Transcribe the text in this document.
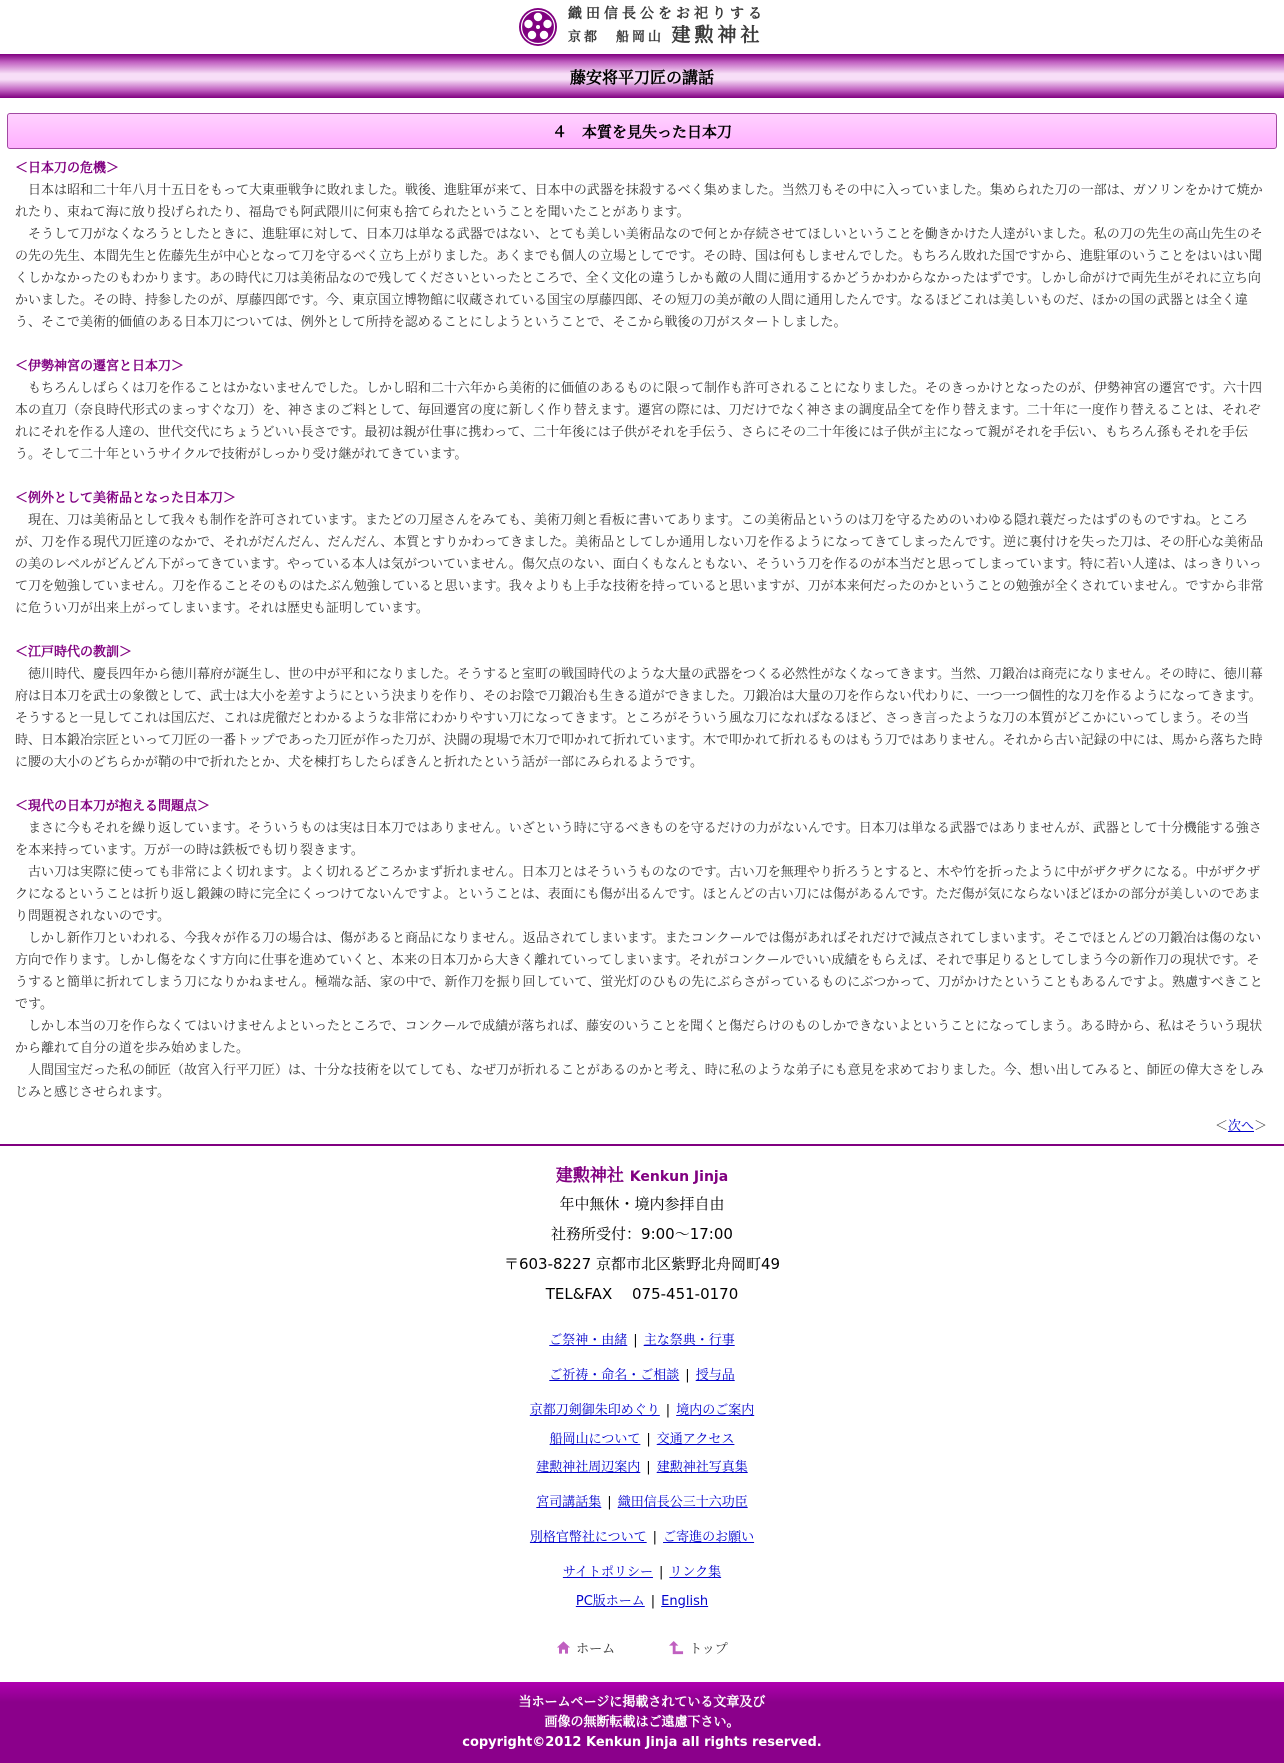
織田信長公をお祀りする
京都　船岡山 建勲神社
藤安将平刀匠の講話
４　本質を見失った日本刀
＜日本刀の危機＞

日本は昭和二十年八月十五日をもって大東亜戦争に敗れました。戦後、進駐軍が来て、日本中の武器を抹殺するべく集めました。当然刀もその中に入っていました。集められた刀の一部は、ガソリンをかけて焼かれたり、束ねて海に放り投げられたり、福島でも阿武隈川に何束も捨てられたということを聞いたことがあります。

そうして刀がなくなろうとしたときに、進駐軍に対して、日本刀は単なる武器ではない、とても美しい美術品なので何とか存続させてほしいということを働きかけた人達がいました。私の刀の先生の高山先生のその先の先生、本間先生と佐藤先生が中心となって刀を守るべく立ち上がりました。あくまでも個人の立場としてです。その時、国は何もしませんでした。もちろん敗れた国ですから、進駐軍のいうことをはいはい聞くしかなかったのもわかります。あの時代に刀は美術品なので残してくださいといったところで、全く文化の違うしかも敵の人間に通用するかどうかわからなかったはずです。しかし命がけで両先生がそれに立ち向かいました。その時、持参したのが、厚藤四郎です。今、東京国立博物館に収蔵されている国宝の厚藤四郎、その短刀の美が敵の人間に通用したんです。なるほどこれは美しいものだ、ほかの国の武器とは全く違う、そこで美術的価値のある日本刀については、例外として所持を認めることにしようということで、そこから戦後の刀がスタートしました。

＜伊勢神宮の遷宮と日本刀＞

もちろんしばらくは刀を作ることはかないませんでした。しかし昭和二十六年から美術的に価値のあるものに限って制作も許可されることになりました。そのきっかけとなったのが、伊勢神宮の遷宮です。六十四本の直刀（奈良時代形式のまっすぐな刀）を、神さまのご料として、毎回遷宮の度に新しく作り替えます。遷宮の際には、刀だけでなく神さまの調度品全てを作り替えます。二十年に一度作り替えることは、それぞれにそれを作る人達の、世代交代にちょうどいい長さです。最初は親が仕事に携わって、二十年後には子供がそれを手伝う、さらにその二十年後には子供が主になって親がそれを手伝い、もちろん孫もそれを手伝う。そして二十年というサイクルで技術がしっかり受け継がれてきています。

＜例外として美術品となった日本刀＞

現在、刀は美術品として我々も制作を許可されています。またどの刀屋さんをみても、美術刀剣と看板に書いてあります。この美術品というのは刀を守るためのいわゆる隠れ蓑だったはずのものですね。ところが、刀を作る現代刀匠達のなかで、それがだんだん、だんだん、本質とすりかわってきました。美術品としてしか通用しない刀を作るようになってきてしまったんです。逆に裏付けを失った刀は、その肝心な美術品の美のレベルがどんどん下がってきています。やっている本人は気がついていません。傷欠点のない、面白くもなんともない、そういう刀を作るのが本当だと思ってしまっています。特に若い人達は、はっきりいって刀を勉強していません。刀を作ることそのものはたぶん勉強していると思います。我々よりも上手な技術を持っていると思いますが、刀が本来何だったのかということの勉強が全くされていません。ですから非常に危うい刀が出来上がってしまいます。それは歴史も証明しています。

＜江戸時代の教訓＞

徳川時代、慶長四年から徳川幕府が誕生し、世の中が平和になりました。そうすると室町の戦国時代のような大量の武器をつくる必然性がなくなってきます。当然、刀鍛冶は商売になりません。その時に、徳川幕府は日本刀を武士の象徴として、武士は大小を差すようにという決まりを作り、そのお陰で刀鍛冶も生きる道ができました。刀鍛冶は大量の刀を作らない代わりに、一つ一つ個性的な刀を作るようになってきます。そうすると一見してこれは国広だ、これは虎徹だとわかるような非常にわかりやすい刀になってきます。ところがそういう風な刀になればなるほど、さっき言ったような刀の本質がどこかにいってしまう。その当時、日本鍛冶宗匠といって刀匠の一番トップであった刀匠が作った刀が、決闘の現場で木刀で叩かれて折れています。木で叩かれて折れるものはもう刀ではありません。それから古い記録の中には、馬から落ちた時に腰の大小のどちらかが鞘の中で折れたとか、犬を棟打ちしたらぽきんと折れたという話が一部にみられるようです。

＜現代の日本刀が抱える問題点＞

まさに今もそれを繰り返しています。そういうものは実は日本刀ではありません。いざという時に守るべきものを守るだけの力がないんです。日本刀は単なる武器ではありませんが、武器として十分機能する強さを本来持っています。万が一の時は鉄板でも切り裂きます。

古い刀は実際に使っても非常によく切れます。よく切れるどころかまず折れません。日本刀とはそういうものなのです。古い刀を無理やり折ろうとすると、木や竹を折ったように中がザクザクになる。中がザクザクになるということは折り返し鍛錬の時に完全にくっつけてないんですよ。ということは、表面にも傷が出るんです。ほとんどの古い刀には傷があるんです。ただ傷が気にならないほどほかの部分が美しいのであまり問題視されないのです。

しかし新作刀といわれる、今我々が作る刀の場合は、傷があると商品になりません。返品されてしまいます。またコンクールでは傷があればそれだけで減点されてしまいます。そこでほとんどの刀鍛冶は傷のない方向で作ります。しかし傷をなくす方向に仕事を進めていくと、本来の日本刀から大きく離れていってしまいます。それがコンクールでいい成績をもらえば、それで事足りるとしてしまう今の新作刀の現状です。そうすると簡単に折れてしまう刀になりかねません。極端な話、家の中で、新作刀を振り回していて、蛍光灯のひもの先にぶらさがっているものにぶつかって、刀がかけたということもあるんですよ。熟慮すべきことです。

しかし本当の刀を作らなくてはいけませんよといったところで、コンクールで成績が落ちれば、藤安のいうことを聞くと傷だらけのものしかできないよということになってしまう。ある時から、私はそういう現状から離れて自分の道を歩み始めました。

人間国宝だった私の師匠（故宮入行平刀匠）は、十分な技術を以てしても、なぜ刀が折れることがあるのかと考え、時に私のような弟子にも意見を求めておりました。今、想い出してみると、師匠の偉大さをしみじみと感じさせられます。

＜次へ＞
建勲神社 Kenkun Jinja
年中無休・境内参拝自由
社務所受付：9:00～17:00
〒603-8227 京都市北区紫野北舟岡町49
TEL&FAX　 075-451-0170
ご祭神・由緒 | 主な祭典・行事
ご祈祷・命名・ご相談 | 授与品
京都刀剣御朱印めぐり | 境内のご案内
船岡山について | 交通アクセス
建勲神社周辺案内 | 建勲神社写真集
宮司講話集 | 織田信長公三十六功臣
別格官幣社について | ご寄進のお願い
サイトポリシー | リンク集
PC版ホーム | English
ホーム	トップ
当ホームページに掲載されている文章及び
画像の無断転載はご遠慮下さい。
copyright©2012 Kenkun Jinja all rights reserved.
